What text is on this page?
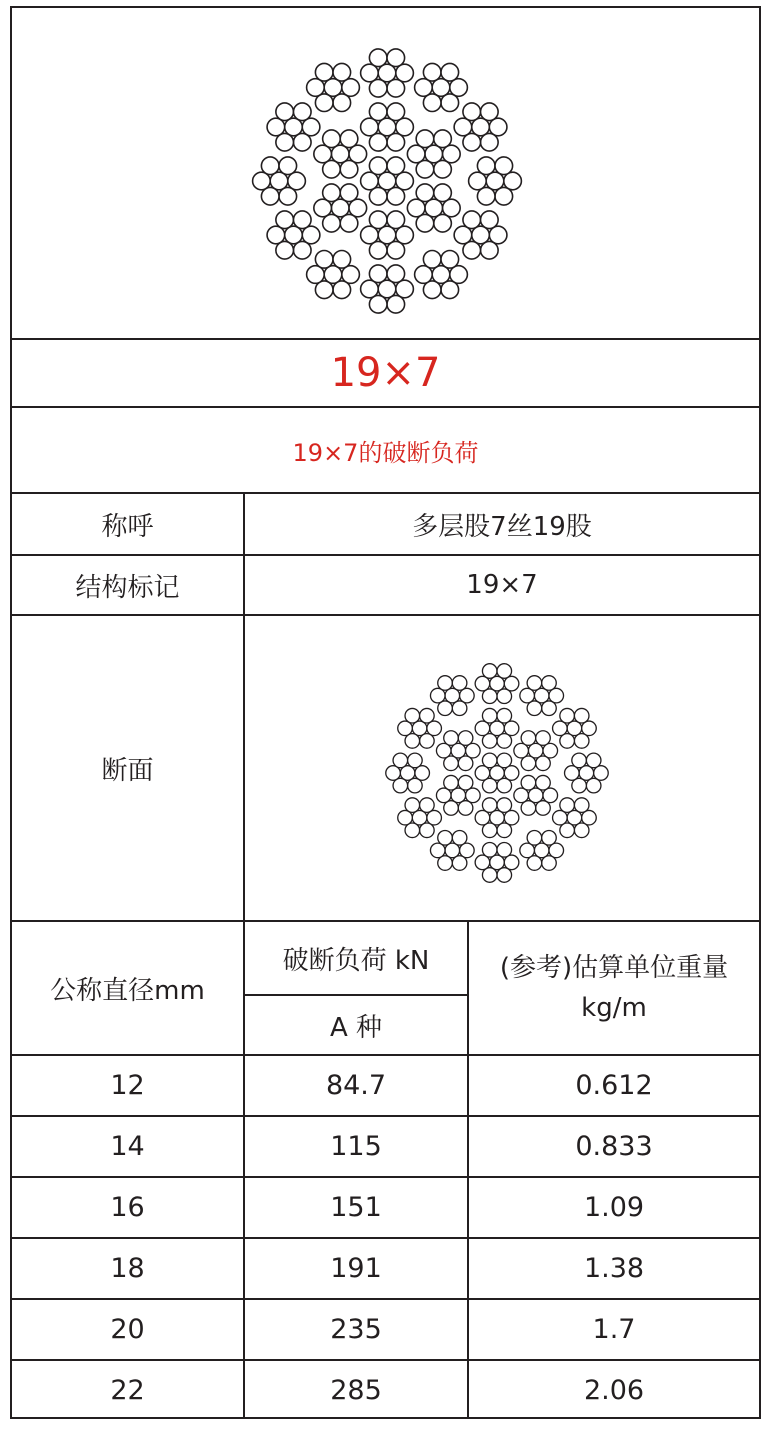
19×7
19×7的破断负荷
称呼	多层股7丝19股
结构标记	19×7
断面
公称直径mm
破断负荷 kN
A 种
(参考)估算单位重量
kg/m
12	84.7	0.612
14	115	0.833
16	151	1.09
18	191	1.38
20	235	1.7
22	285	2.06
